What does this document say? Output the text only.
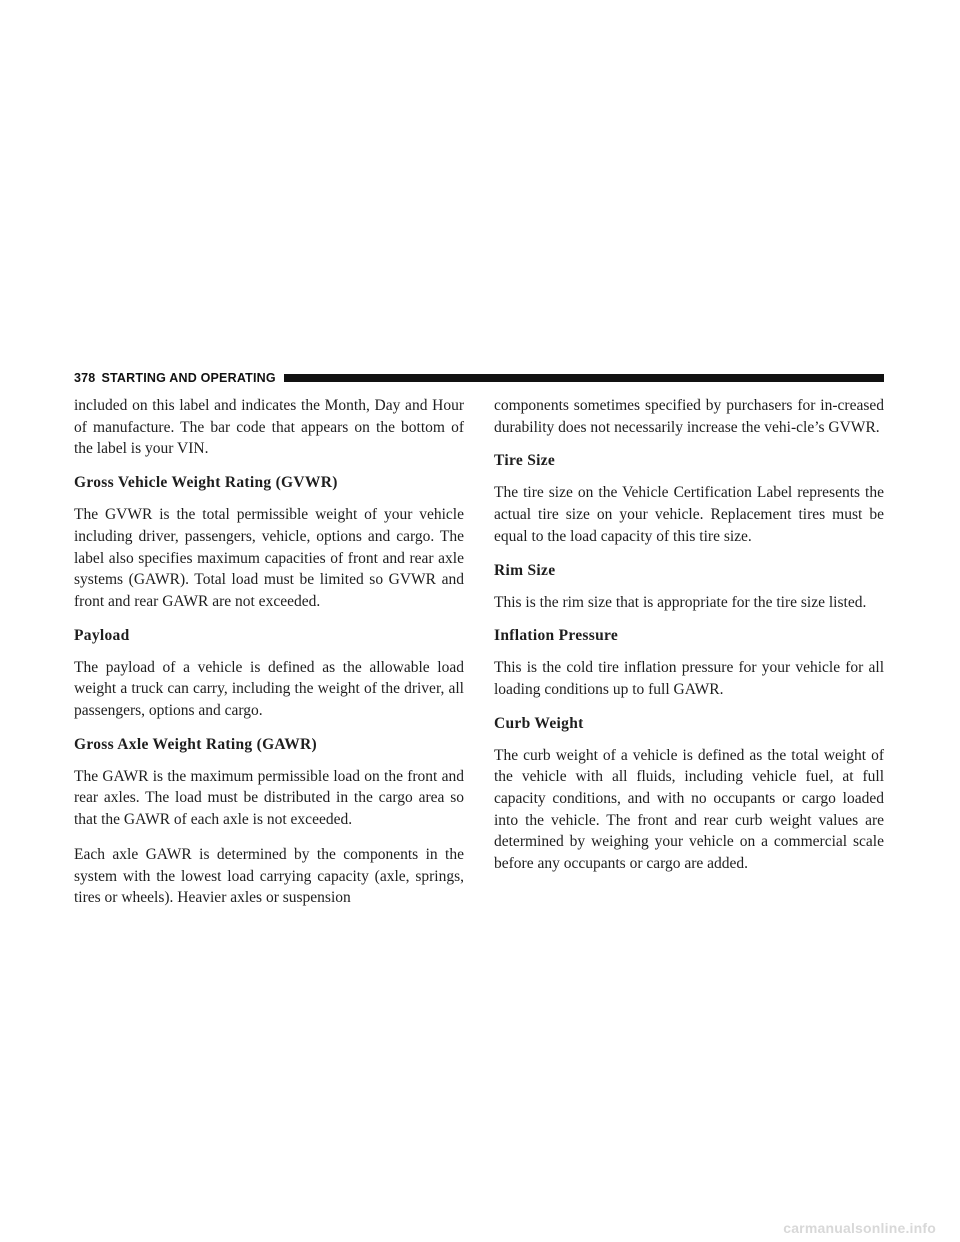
378 STARTING AND OPERATING

included on this label and indicates the Month, Day and Hour of manufacture. The bar code that appears on the bottom of the label is your VIN.

Gross Vehicle Weight Rating (GVWR)

The GVWR is the total permissible weight of your vehicle including driver, passengers, vehicle, options and cargo. The label also specifies maximum capacities of front and rear axle systems (GAWR). Total load must be limited so GVWR and front and rear GAWR are not exceeded.

Payload

The payload of a vehicle is defined as the allowable load weight a truck can carry, including the weight of the driver, all passengers, options and cargo.

Gross Axle Weight Rating (GAWR)

The GAWR is the maximum permissible load on the front and rear axles. The load must be distributed in the cargo area so that the GAWR of each axle is not exceeded.

Each axle GAWR is determined by the components in the system with the lowest load carrying capacity (axle, springs, tires or wheels). Heavier axles or suspension

components sometimes specified by purchasers for in-creased durability does not necessarily increase the vehi-cle’s GVWR.

Tire Size

The tire size on the Vehicle Certification Label represents the actual tire size on your vehicle. Replacement tires must be equal to the load capacity of this tire size.

Rim Size

This is the rim size that is appropriate for the tire size listed.

Inflation Pressure

This is the cold tire inflation pressure for your vehicle for all loading conditions up to full GAWR.

Curb Weight

The curb weight of a vehicle is defined as the total weight of the vehicle with all fluids, including vehicle fuel, at full capacity conditions, and with no occupants or cargo loaded into the vehicle. The front and rear curb weight values are determined by weighing your vehicle on a commercial scale before any occupants or cargo are added.

carmanualsonline.info
